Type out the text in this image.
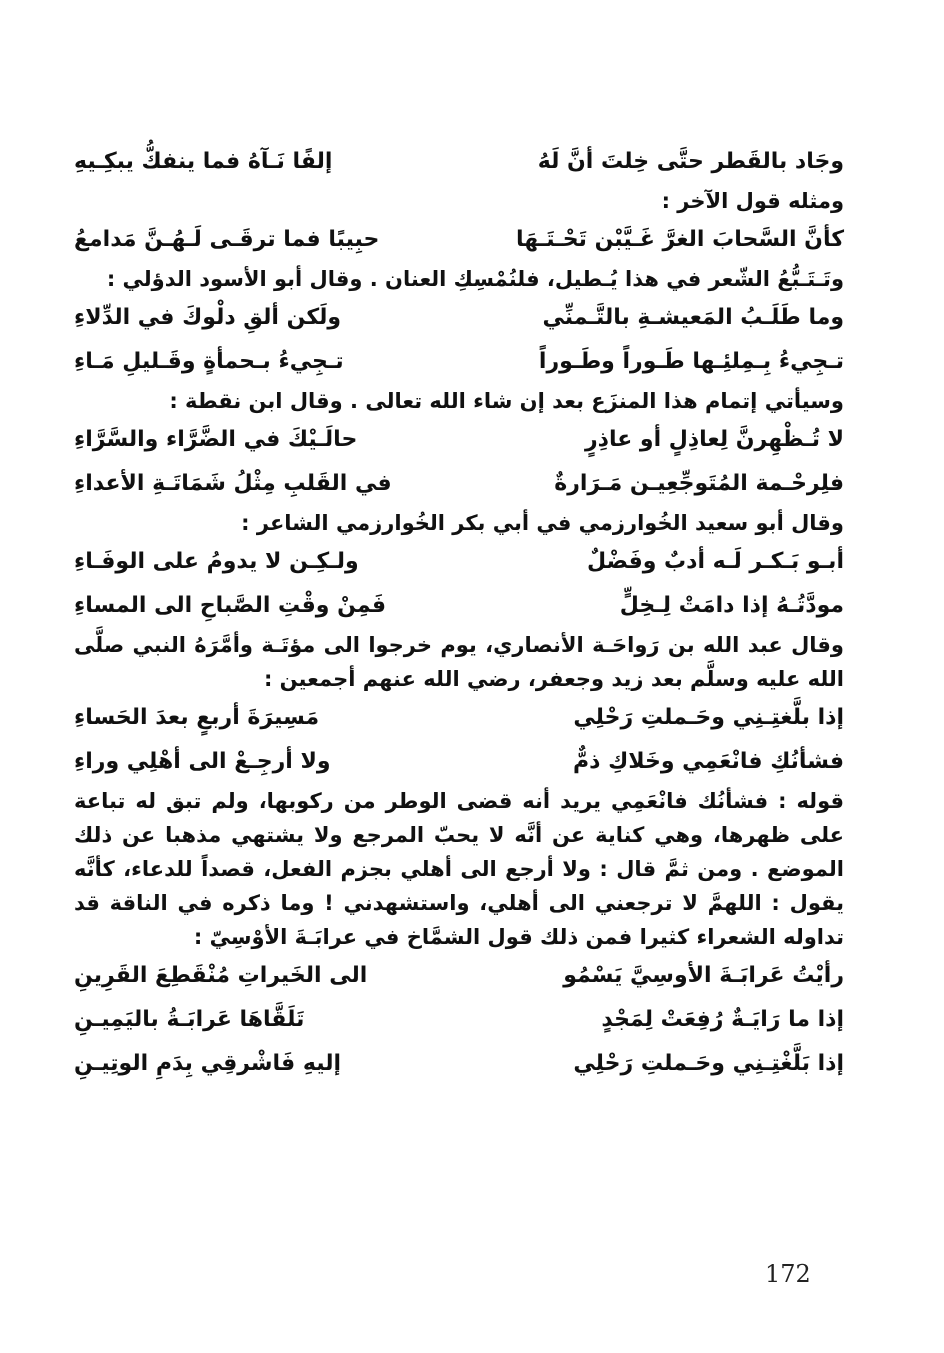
وجَاد بالقَطر حتَّى خِلتَ أنَّ لَهُ
إلفًا نَـآهُ فما ينفكُّ يبكِـيهِ

ومثله قول الآخر :

كأنَّ السَّحابَ الغرَّ غَـيَّبْن تَحْـتَـهَا
حبِيبًا فما ترقَـى لَـهُـنَّ مَدامعُ

وتَـتَـبُّعُ الشّعر في هذا يُـطيل، فلنُمْسِكِ العنان . وقال أبو الأسود الدؤلي :

وما طَلَـبُ المَعيشـةِ بالتَّـمنِّي
ولَكن ألقِ دلْوكَ في الدِّلاءِ
تـجِيءُ بِـمِلئِـها طَـوراً وطَـوراً
تـجِيءُ بـحمأةٍ وقَـليلِ مَـاءِ

وسيأتي إتمام هذا المنزَع بعد إن شاء الله تعالى . وقال ابن نقطة :

لا تُـظْهِرنَّ لِعاذِلٍ أو عاذِرٍ
حالَـيْكَ في الضَّرَّاء والسَّرَّاءِ
فلِرحْـمة المُتَوجِّعِيـن مَـرَارةٌ
في القَلبِ مِثْلُ شَمَاتَـةِ الأعداءِ

وقال أبو سعيد الخُوارزمي في أبي بكر الخُوارزمي الشاعر :

أبـو بَـكـر لَـه أدبٌ وفَضْلٌ
ولـكِـن لا يدومُ على الوفَـاءِ
مودَّتُـهُ إذا دامَتْ لِـخِلٍّ
فَمِنْ وقْتِ الصَّباحِ الى المساءِ

وقال عبد الله بن رَواحَـة الأنصاري، يوم خرجوا الى مؤتَـة وأمَّرَهُ النبي صلَّى الله عليه وسلَّم بعد زيد وجعفر، رضي الله عنهم أجمعين :

إذا بلَّغتِـنِي وحَـملتِ رَحْلِي
مَسِيرَةَ أربعٍ بعدَ الحَساءِ
فشأنُكِ فانْعَمِي وخَلاكِ ذمٌّ
ولا أرجِـعْ الى أهْلِي وراءِ

قوله : فشأنُك فانْعَمِي يريد أنه قضى الوطر من ركوبها، ولم تبق له تباعة على ظهرها، وهي كناية عن أنَّه لا يحبّ المرجع ولا يشتهي مذهبا عن ذلك الموضع . ومن ثمَّ قال : ولا أرجع الى أهلي بجزم الفعل، قصداً للدعاء، كأنَّه يقول : اللهمَّ لا ترجعني الى أهلي، واستشهدني ! وما ذكره في الناقة قد تداوله الشعراء كثيرا فمن ذلك قول الشمَّاخ في عرابَـةَ الأوْسِيّ :

رأيْتُ عَرابَـةَ الأوسِيَّ يَسْمُو
الى الخَيراتِ مُنْقَطِعَ القَرِينِ
إذا ما رَايَـةٌ رُفِعَتْ لِمَجْدٍ
تَلَقَّاهَا عَرابَـةُ باليَمِيـنِ
إذا بَلَّغْتِـنِي وحَـملتِ رَحْلِي
إليهِ فَاشْرقِي بِدَمِ الوتِيـنِ
172
